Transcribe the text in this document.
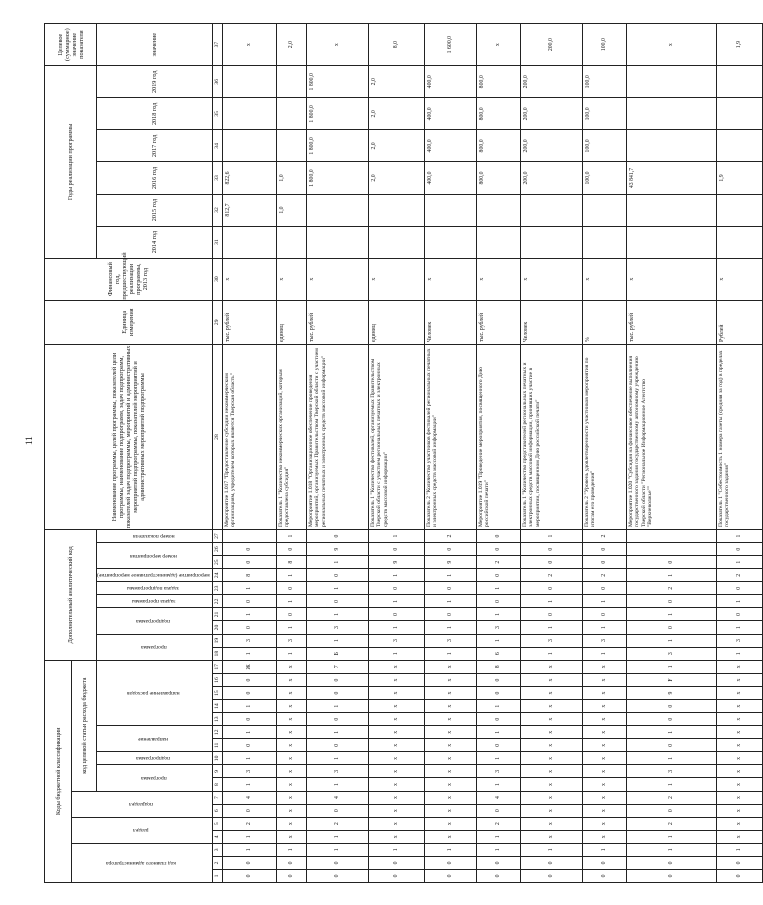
11
Коды бюджетной классификации																	Дополнительный аналитический код										Наименование программы, целей программы, показателей цели программы, наименование подпрограмм, задач подпрограмм, показателей задач подпрограммы, мероприятий и административных мероприятий подпрограммы, показателей мероприятий и административных мероприятий подпрограммы	Единица измерения	Финансовый год, предшествующий реализации программы, 2013 год	Годы реализации программы						Целевое (суммарное) значение показателя
код главного администратора			раздел		подраздел		код целевой статьи расхода бюджета																													
							программа		подпрограмма	направление		направление расходов					программа		подпрограмма		задача программы	задача подпрограммы	мероприятие (административное мероприятие)	номер мероприятия		номер показателя				2014 год	2015 год	2016 год	2017 год	2018 год	2019 год	значение
1	2	3	4	5	6	7	8	9	10	11	12	13	14	15	16	17	18	19	20	21	22	23	24	25	26	27	28	29	30	31	32	33	34	35	36	37
0	0	1	1	2	0	4	1	3	1	0	1	0	1	0	0	Ж	1	3	0	1	0	1	8	0	0		Мероприятие 1.017 "Предоставление субсидии некоммерческим организациям, учредителем которых является Тверская область"	тыс. рублей	x		812,7	822,6				x
0	0	1	x	x	x	x	x	x	x	x	x	x	x	x	x	x	1	3	1	0	1	0	1	8	0	1	Показатель 1 "Количество некоммерческих организаций, которым предоставлена субсидия"	единиц	x		1,0	1,0				2,0
0	0	1	1	2	0	4	1	3	1	0	1	0	1	0	0	7	Б	1	3	1	0	1	0	1	9	0	Мероприятие 1.018 "Организационное обеспечение проведения мероприятий, организуемых Правительством Тверской области с участием региональных печатных и электронных средств массовой информации"	тыс. рублей	x			1 800,0	1 800,0	1 800,0	1 800,0	x
0	0	1	x	x	x	x	x	x	x	x	x	x	x	x	x	x	1	3	1	0	1	0	1	9	0	1	Показатель 1 "Количество фестивалей, организуемых Правительством Тверской области с участием региональных печатных и электронных средств массовой информации"	единиц	x			2,0	2,0	2,0	2,0	8,0
0	0	1	x	x	x	x	x	x	x	x	x	x	x	x	x	x	1	3	1	0	1	0	1	9	0	2	Показатель 2 "Количество участников фестивалей региональных печатных и электронных средств массовой информации"	Человек	x			400,0	400,0	400,0	400,0	1 600,0
0	0	1	1	2	0	4	1	3	1	0	1	0	1	0	0	8	6	1	3	1	0	1	0	2	0	0	Мероприятие 1.019 "Проведение мероприятия, посвященного Дню российской печати"	тыс. рублей	x			800,0	800,0	800,0	800,0	x
0	0	1	x	x	x	x	x	x	x	x	x	x	x	x	x	x	1	3	1	0	1	0	2	0	0	1	Показатель 1 "Количество представителей региональных печатных и электронных средств массовой информации, принявших участие в мероприятии, посвященном Дню российской печати"	Человек	x			200,0	200,0	200,0	200,0	200,0
0	0	1	x	x	x	x	x	x	x	x	x	x	x	x	x	x	1	3	1	0	1	0	2	0	0	2	Показатель 2 "Уровень удовлетворенности участников мероприятия по итогам его проведения"	%	x			100,0	100,0	100,0	100,0	100,0
0	0	1	1	2	0	2	1	3	1	0	1	0	0	9	F	1	3	1	0	1	0	2	1	0			Мероприятие 1.020 "Субсидия на финансовое обеспечение выполнения государственного задания государственному автономному учреждению Тверской области "Региональное Информационное Агентство "Верхневолжье""	тыс. рублей	x			43 841,7				x
0	0	1	x	x	x	x	x	x	x	x	x	x	x	x	x	x	1	3	1	0	1	0	2	1	0	1	Показатель 1 "Себестоимость 1 номера газеты (средняя за год) в пределах государственного задания"	Рублей	x			1,9				1,9
